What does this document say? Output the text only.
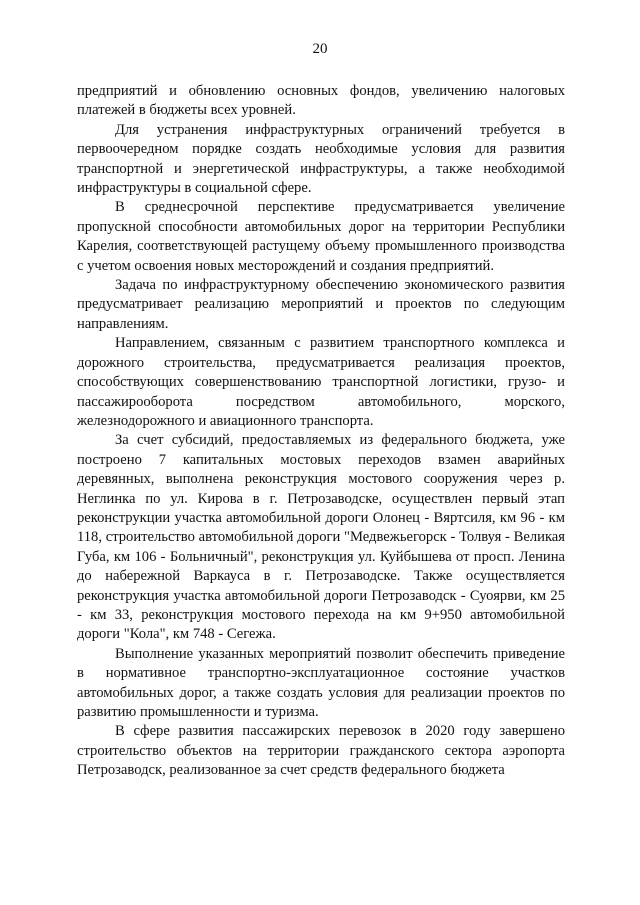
20

предприятий и обновлению основных фондов, увеличению налоговых платежей в бюджеты всех уровней.

Для устранения инфраструктурных ограничений требуется в первоочередном порядке создать необходимые условия для развития транспортной и энергетической инфраструктуры, а также необходимой инфраструктуры в социальной сфере.

В среднесрочной перспективе предусматривается увеличение пропускной способности автомобильных дорог на территории Республики Карелия, соответствующей растущему объему промышленного производства с учетом освоения новых месторождений и создания предприятий.

Задача по инфраструктурному обеспечению экономического развития предусматривает реализацию мероприятий и проектов по следующим направлениям.

Направлением, связанным с развитием транспортного комплекса и дорожного строительства, предусматривается реализация проектов, способствующих совершенствованию транспортной логистики, грузо- и пассажирооборота посредством автомобильного, морского, железнодорожного и авиационного транспорта.

За счет субсидий, предоставляемых из федерального бюджета, уже построено 7 капитальных мостовых переходов взамен аварийных деревянных, выполнена реконструкция мостового сооружения через р. Неглинка по ул. Кирова в г. Петрозаводске, осуществлен первый этап реконструкции участка автомобильной дороги Олонец - Вяртсиля, км 96 - км 118, строительство автомобильной дороги "Медвежьегорск - Толвуя - Великая Губа, км 106 - Больничный", реконструкция ул. Куйбышева от просп. Ленина до набережной Варкауса в г. Петрозаводске. Также осуществляется реконструкция участка автомобильной дороги Петрозаводск - Суоярви, км 25 - км 33, реконструкция мостового перехода на км 9+950 автомобильной дороги "Кола", км 748 - Сегежа.

Выполнение указанных мероприятий позволит обеспечить приведение в нормативное транспортно-эксплуатационное состояние участков автомобильных дорог, а также создать условия для реализации проектов по развитию промышленности и туризма.

В сфере развития пассажирских перевозок в 2020 году завершено строительство объектов на территории гражданского сектора аэропорта Петрозаводск, реализованное за счет средств федерального бюджета
